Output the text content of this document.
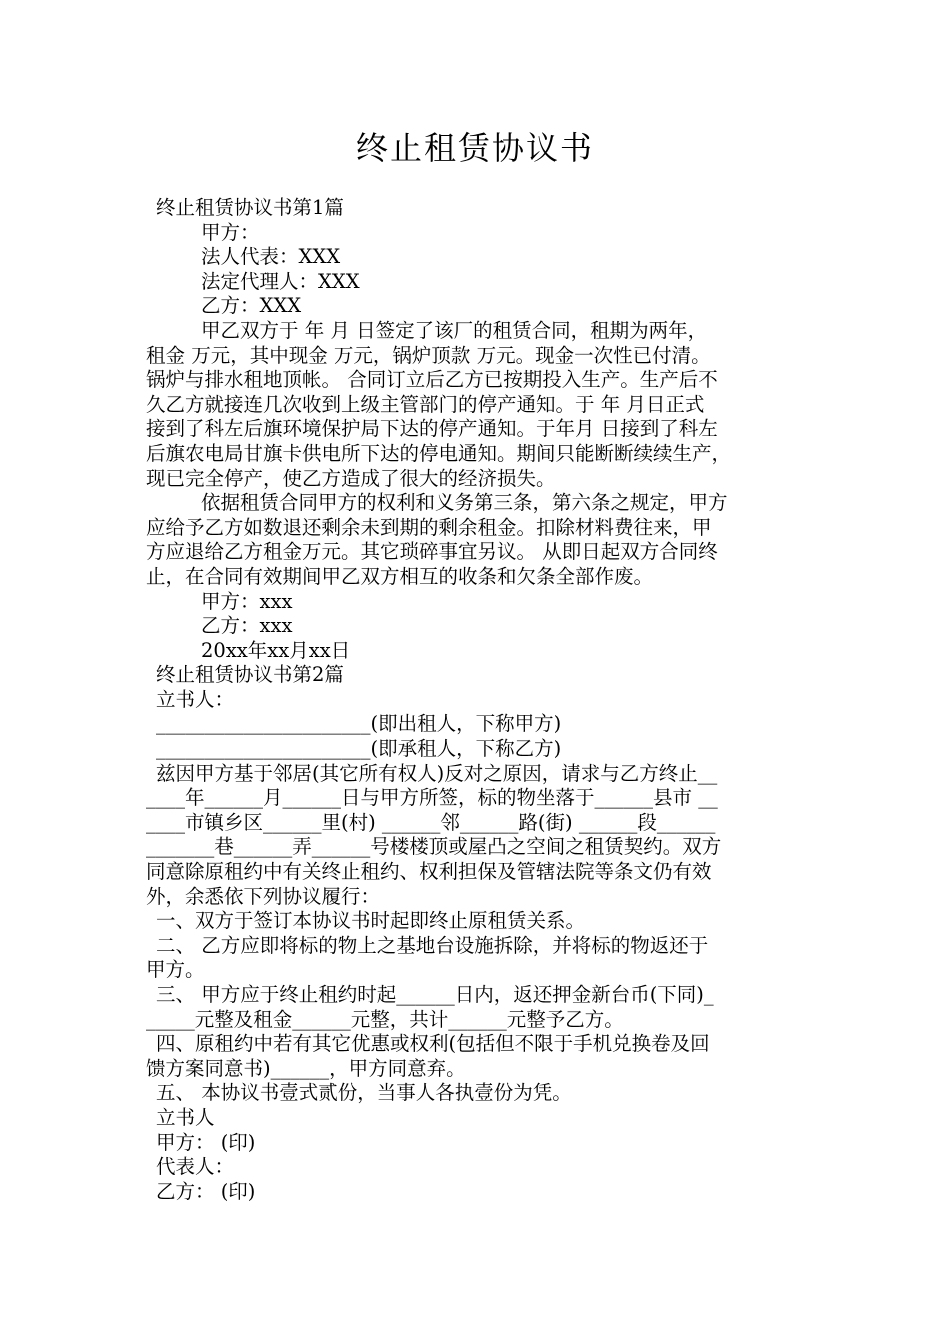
终止租赁协议书
终止租赁协议书第1篇
甲方：
法人代表：XXX
法定代理人：XXX
乙方：XXX
甲乙双方于 年 月 日签定了该厂的租赁合同，租期为两年，
租金 万元，其中现金 万元，锅炉顶款 万元。现金一次性已付清。
锅炉与排水租地顶帐。 合同订立后乙方已按期投入生产。生产后不
久乙方就接连几次收到上级主管部门的停产通知。于 年 月日正式
接到了科左后旗环境保护局下达的停产通知。于年月 日接到了科左
后旗农电局甘旗卡供电所下达的停电通知。期间只能断断续续生产，
现已完全停产，使乙方造成了很大的经济损失。
依据租赁合同甲方的权利和义务第三条，第六条之规定，甲方
应给予乙方如数退还剩余未到期的剩余租金。扣除材料费往来，甲
方应退给乙方租金万元。其它琐碎事宜另议。 从即日起双方合同终
止，在合同有效期间甲乙双方相互的收条和欠条全部作废。
甲方：xxx
乙方：xxx
20xx年xx月xx日
终止租赁协议书第2篇
立书人：
______________________(即出租人，下称甲方)
______________________(即承租人，下称乙方)
兹因甲方基于邻居(其它所有权人)反对之原因，请求与乙方终止__
____年______月______日与甲方所签，标的物坐落于______县市 __
____市镇乡区______里(村) ______邻______路(街) ______段______
_______巷______弄______号楼楼顶或屋凸之空间之租赁契约。双方
同意除原租约中有关终止租约、权利担保及管辖法院等条文仍有效
外，余悉依下列协议履行：
一、双方于签订本协议书时起即终止原租赁关系。
二、 乙方应即将标的物上之基地台设施拆除，并将标的物返还于
甲方。
三、 甲方应于终止租约时起______日内，返还押金新台币(下同)_
_____元整及租金______元整，共计______元整予乙方。
四、原租约中若有其它优惠或权利(包括但不限于手机兑换卷及回
馈方案同意书)______，甲方同意弃。
五、 本协议书壹式贰份，当事人各执壹份为凭。
立书人
甲方： (印)
代表人：
乙方： (印)
